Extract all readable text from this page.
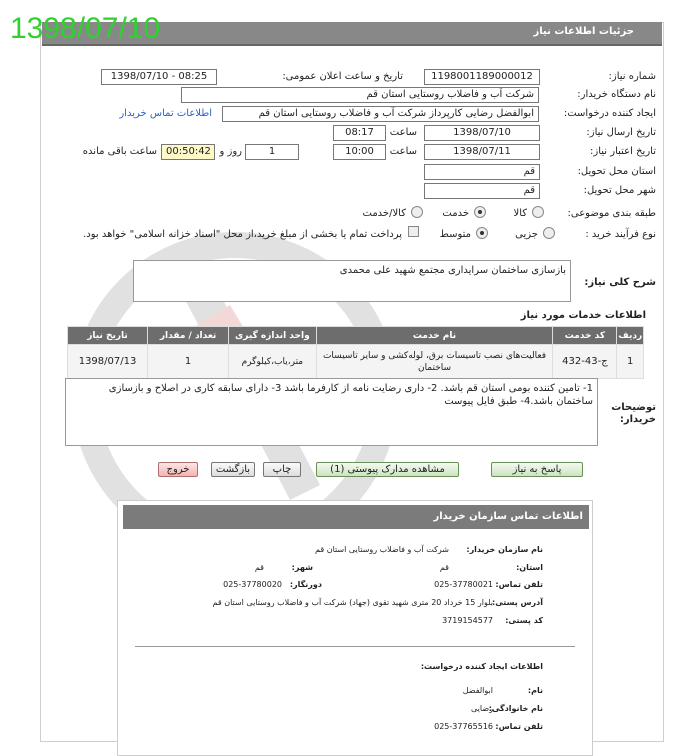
جزئیات اطلاعات نیاز
1398/07/10
شماره نیاز:
1198001189000012
تاریخ و ساعت اعلان عمومی:
1398/07/10 - 08:25
نام دستگاه خریدار:
شرکت آب و فاضلاب روستایی استان قم
ایجاد کننده درخواست:
ابوالفضل رضایی کارپرداز شرکت آب و فاضلاب روستایی استان قم
اطلاعات تماس خریدار
تاریخ ارسال نیاز:
1398/07/10
ساعت
08:17
تاریخ اعتبار نیاز:
1398/07/11
ساعت
10:00
1
روز و
00:50:42
ساعت باقی مانده
استان محل تحویل:
قم
شهر محل تحویل:
قم
طبقه بندی موضوعی:
کالا
خدمت
کالا/خدمت
نوع فرآیند خرید :
جزیی
متوسط
پرداخت تمام یا بخشی از مبلغ خرید،از محل "اسناد خزانه اسلامی" خواهد بود.
بازسازی ساختمان سرایداری مجتمع شهید علی محمدی
شرح کلی نیاز:
اطلاعات خدمات مورد نیاز
ردیف	کد خدمت	نام خدمت	واحد اندازه گیری	تعداد / مقدار	تاریخ نیاز
1	ج-43-432	فعالیت‌های نصب تاسیسات برق، لوله‌کشی و سایر تاسیسات ساختمان	متر،یاب،کیلوگرم	1	1398/07/13
1- تامین کننده بومی استان قم باشد. 2- داری رضایت نامه از کارفرما باشد 3- دارای سابقه کاری در اصلاح و بازسازی ساختمان باشد.4- طبق فایل پیوست
توضیحات خریدار:
پاسخ به نیاز
مشاهده مدارک پیوستی (1)
چاپ
بازگشت
خروج
اطلاعات تماس سازمان خریدار
نام سازمان خریدار:
شرکت آب و فاضلاب روستایی استان قم
استان:
قم
شهر:
قم
تلفن تماس:
025-37780021
دورنگار:
025-37780020
آدرس پستی:
بلوار 15 خرداد 20 متری شهید تقوی (جهاد) شرکت آب و فاضلاب روستایی استان قم
کد پستی:
3719154577
اطلاعات ایجاد کننده درخواست:
نام:
ابوالفضل
نام خانوادگی:
رضایی
تلفن تماس:
025-37765516
